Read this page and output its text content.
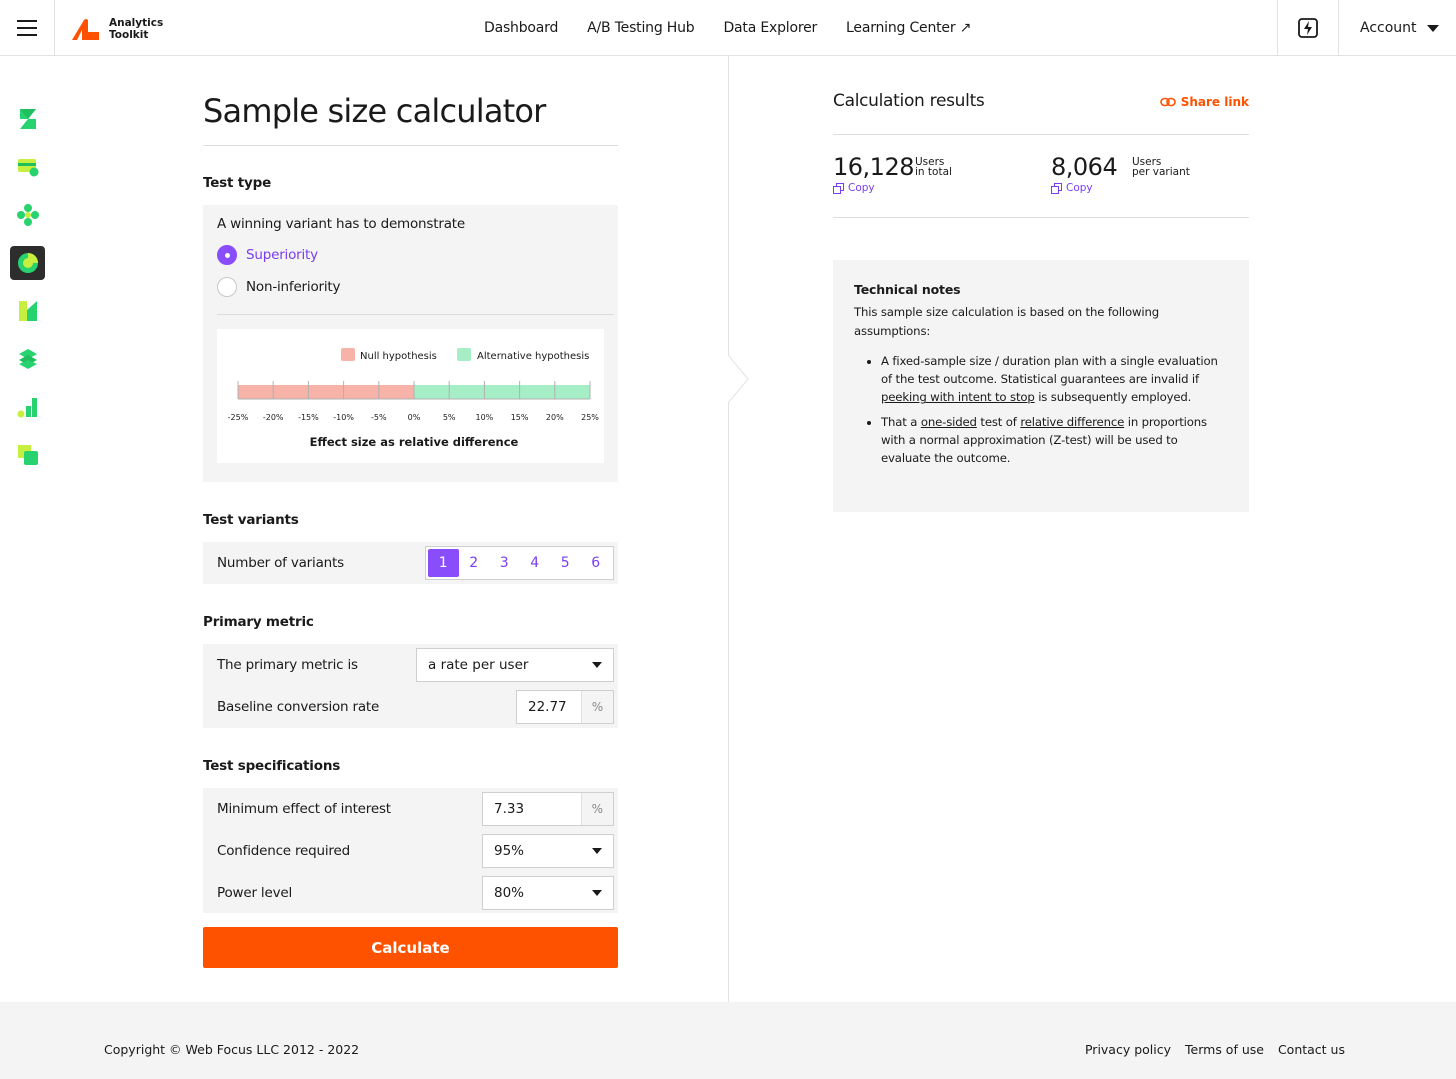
Analytics
Toolkit	Dashboard A/B Testing Hub Data Explorer Learning Center ↗	Account
Sample size calculator
Test type
A winning variant has to demonstrate
Superiority
Non-inferiority
Null hypothesis	Alternative hypothesis
-25% -20% -15% -10% -5%	0%	5% 10% 15% 20% 25%
Effect size as relative difference
Test variants
Number of variants	1	2	3	4	5	6
Primary metric
The primary metric is	a rate per user
Baseline conversion rate	22.77	%
Test specifications
Minimum effect of interest	7.33	%
Confidence required	95%
Power level	80%
Calculate
Calculation results	Share link
16,128 Users
in total
Copy
8,064 Users
per variant
Copy
Technical notes
This sample size calculation is based on the following assumptions:
• A fixed-sample size / duration plan with a single evaluation of the test outcome. Statistical guarantees are invalid if peeking with intent to stop is subsequently employed.
• That a one-sided test of relative difference in proportions with a normal approximation (Z-test) will be used to evaluate the outcome.
Copyright © Web Focus LLC 2012 - 2022	Privacy policy Terms of use Contact us
